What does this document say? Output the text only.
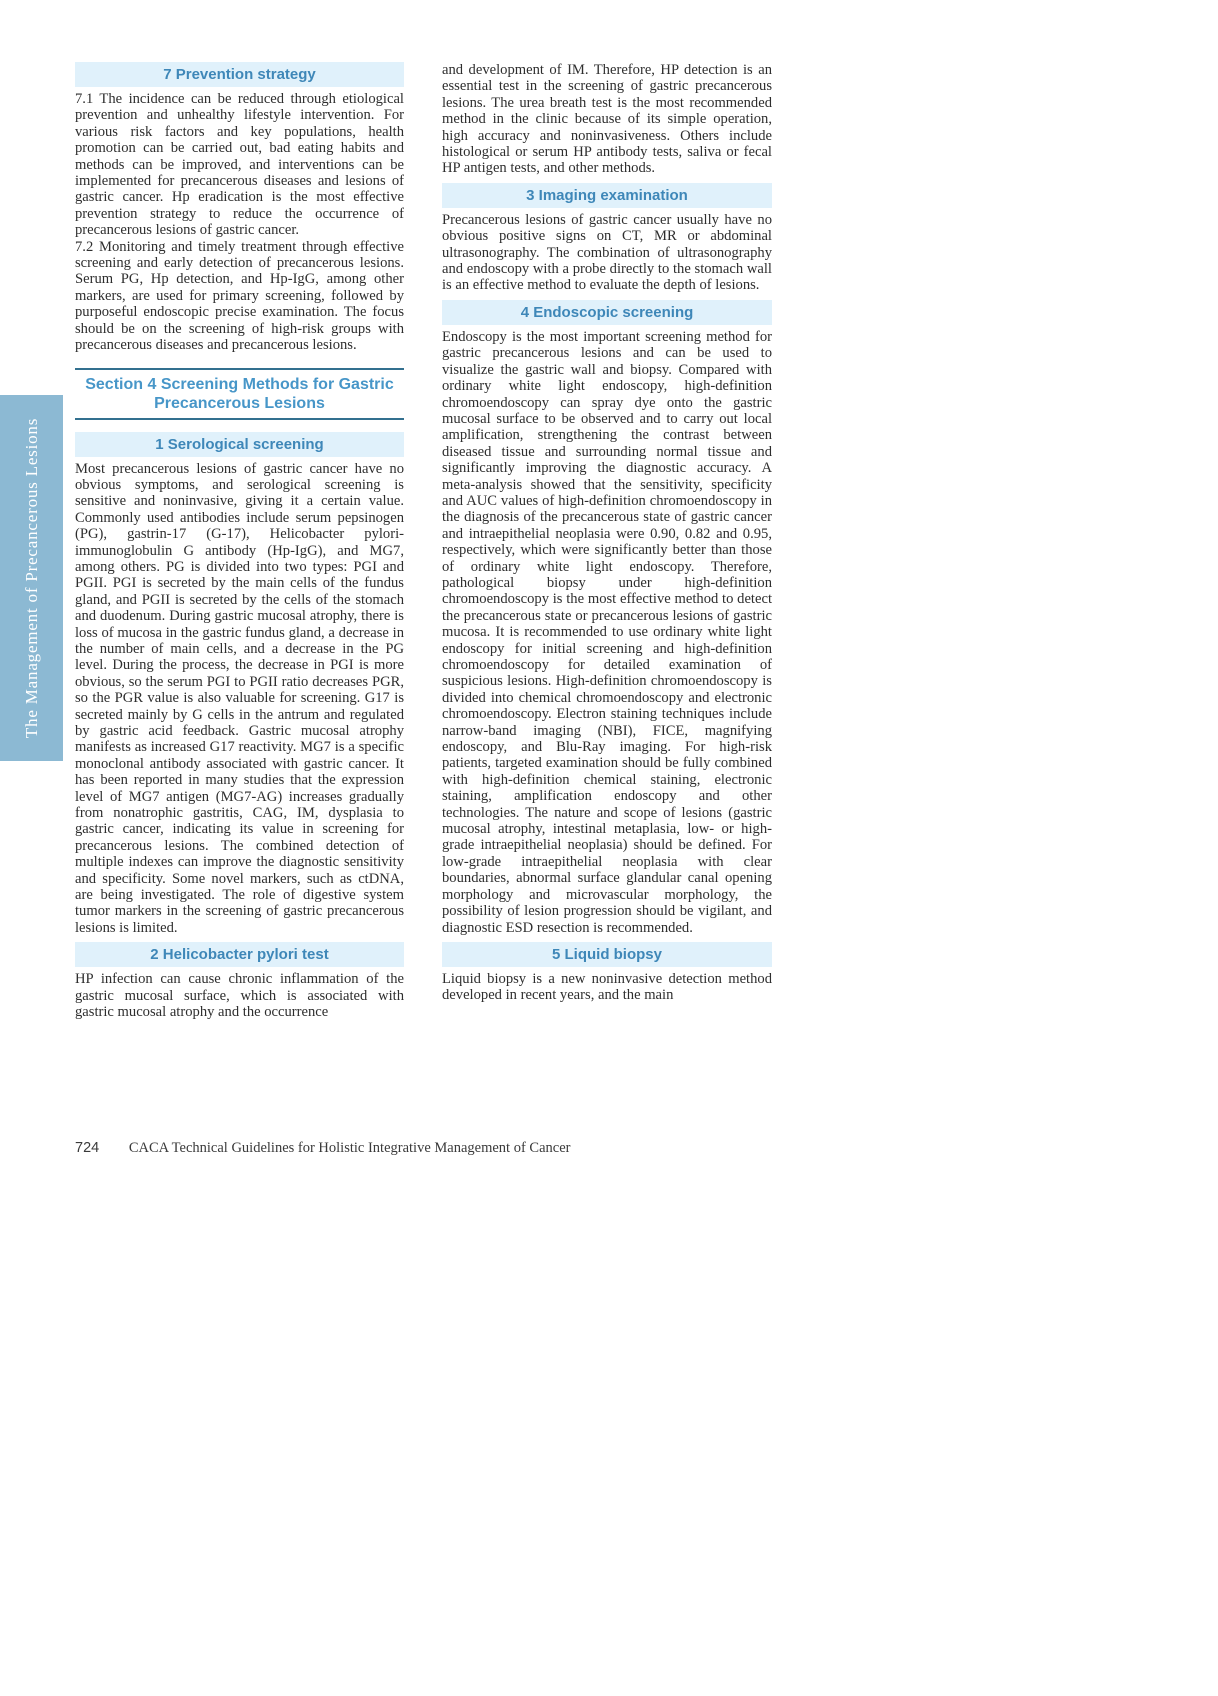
The Management of Precancerous Lesions
7 Prevention strategy

7.1 The incidence can be reduced through etiological prevention and unhealthy lifestyle intervention. For various risk factors and key populations, health promotion can be carried out, bad eating habits and methods can be improved, and interventions can be implemented for precancerous diseases and lesions of gastric cancer. Hp eradication is the most effective prevention strategy to reduce the occurrence of precancerous lesions of gastric cancer.

7.2 Monitoring and timely treatment through effective screening and early detection of precancerous lesions. Serum PG, Hp detection, and Hp-IgG, among other markers, are used for primary screening, followed by purposeful endoscopic precise examination. The focus should be on the screening of high-risk groups with precancerous diseases and precancerous lesions.

Section 4 Screening Methods for Gastric Precancerous Lesions
1 Serological screening

Most precancerous lesions of gastric cancer have no obvious symptoms, and serological screening is sensitive and noninvasive, giving it a certain value. Commonly used antibodies include serum pepsinogen (PG), gastrin-17 (G-17), Helicobacter pylori-immunoglobulin G antibody (Hp-IgG), and MG7, among others. PG is divided into two types: PGI and PGII. PGI is secreted by the main cells of the fundus gland, and PGII is secreted by the cells of the stomach and duodenum. During gastric mucosal atrophy, there is loss of mucosa in the gastric fundus gland, a decrease in the number of main cells, and a decrease in the PG level. During the process, the decrease in PGI is more obvious, so the serum PGI to PGII ratio decreases PGR, so the PGR value is also valuable for screening. G17 is secreted mainly by G cells in the antrum and regulated by gastric acid feedback. Gastric mucosal atrophy manifests as increased G17 reactivity. MG7 is a specific monoclonal antibody associated with gastric cancer. It has been reported in many studies that the expression level of MG7 antigen (MG7-AG) increases gradually from nonatrophic gastritis, CAG, IM, dysplasia to gastric cancer, indicating its value in screening for precancerous lesions. The combined detection of multiple indexes can improve the diagnostic sensitivity and specificity. Some novel markers, such as ctDNA, are being investigated. The role of digestive system tumor markers in the screening of gastric precancerous lesions is limited.

2 Helicobacter pylori test

HP infection can cause chronic inflammation of the gastric mucosal surface, which is associated with gastric mucosal atrophy and the occurrence

and development of IM. Therefore, HP detection is an essential test in the screening of gastric precancerous lesions. The urea breath test is the most recommended method in the clinic because of its simple operation, high accuracy and noninvasiveness. Others include histological or serum HP antibody tests, saliva or fecal HP antigen tests, and other methods.

3 Imaging examination

Precancerous lesions of gastric cancer usually have no obvious positive signs on CT, MR or abdominal ultrasonography. The combination of ultrasonography and endoscopy with a probe directly to the stomach wall is an effective method to evaluate the depth of lesions.

4 Endoscopic screening

Endoscopy is the most important screening method for gastric precancerous lesions and can be used to visualize the gastric wall and biopsy. Compared with ordinary white light endoscopy, high-definition chromoendoscopy can spray dye onto the gastric mucosal surface to be observed and to carry out local amplification, strengthening the contrast between diseased tissue and surrounding normal tissue and significantly improving the diagnostic accuracy. A meta-analysis showed that the sensitivity, specificity and AUC values of high-definition chromoendoscopy in the diagnosis of the precancerous state of gastric cancer and intraepithelial neoplasia were 0.90, 0.82 and 0.95, respectively, which were significantly better than those of ordinary white light endoscopy. Therefore, pathological biopsy under high-definition chromoendoscopy is the most effective method to detect the precancerous state or precancerous lesions of gastric mucosa. It is recommended to use ordinary white light endoscopy for initial screening and high-definition chromoendoscopy for detailed examination of suspicious lesions. High-definition chromoendoscopy is divided into chemical chromoendoscopy and electronic chromoendoscopy. Electron staining techniques include narrow-band imaging (NBI), FICE, magnifying endoscopy, and Blu-Ray imaging. For high-risk patients, targeted examination should be fully combined with high-definition chemical staining, electronic staining, amplification endoscopy and other technologies. The nature and scope of lesions (gastric mucosal atrophy, intestinal metaplasia, low- or high-grade intraepithelial neoplasia) should be defined. For low-grade intraepithelial neoplasia with clear boundaries, abnormal surface glandular canal opening morphology and microvascular morphology, the possibility of lesion progression should be vigilant, and diagnostic ESD resection is recommended.

5 Liquid biopsy

Liquid biopsy is a new noninvasive detection method developed in recent years, and the main

724 CACA Technical Guidelines for Holistic Integrative Management of Cancer
